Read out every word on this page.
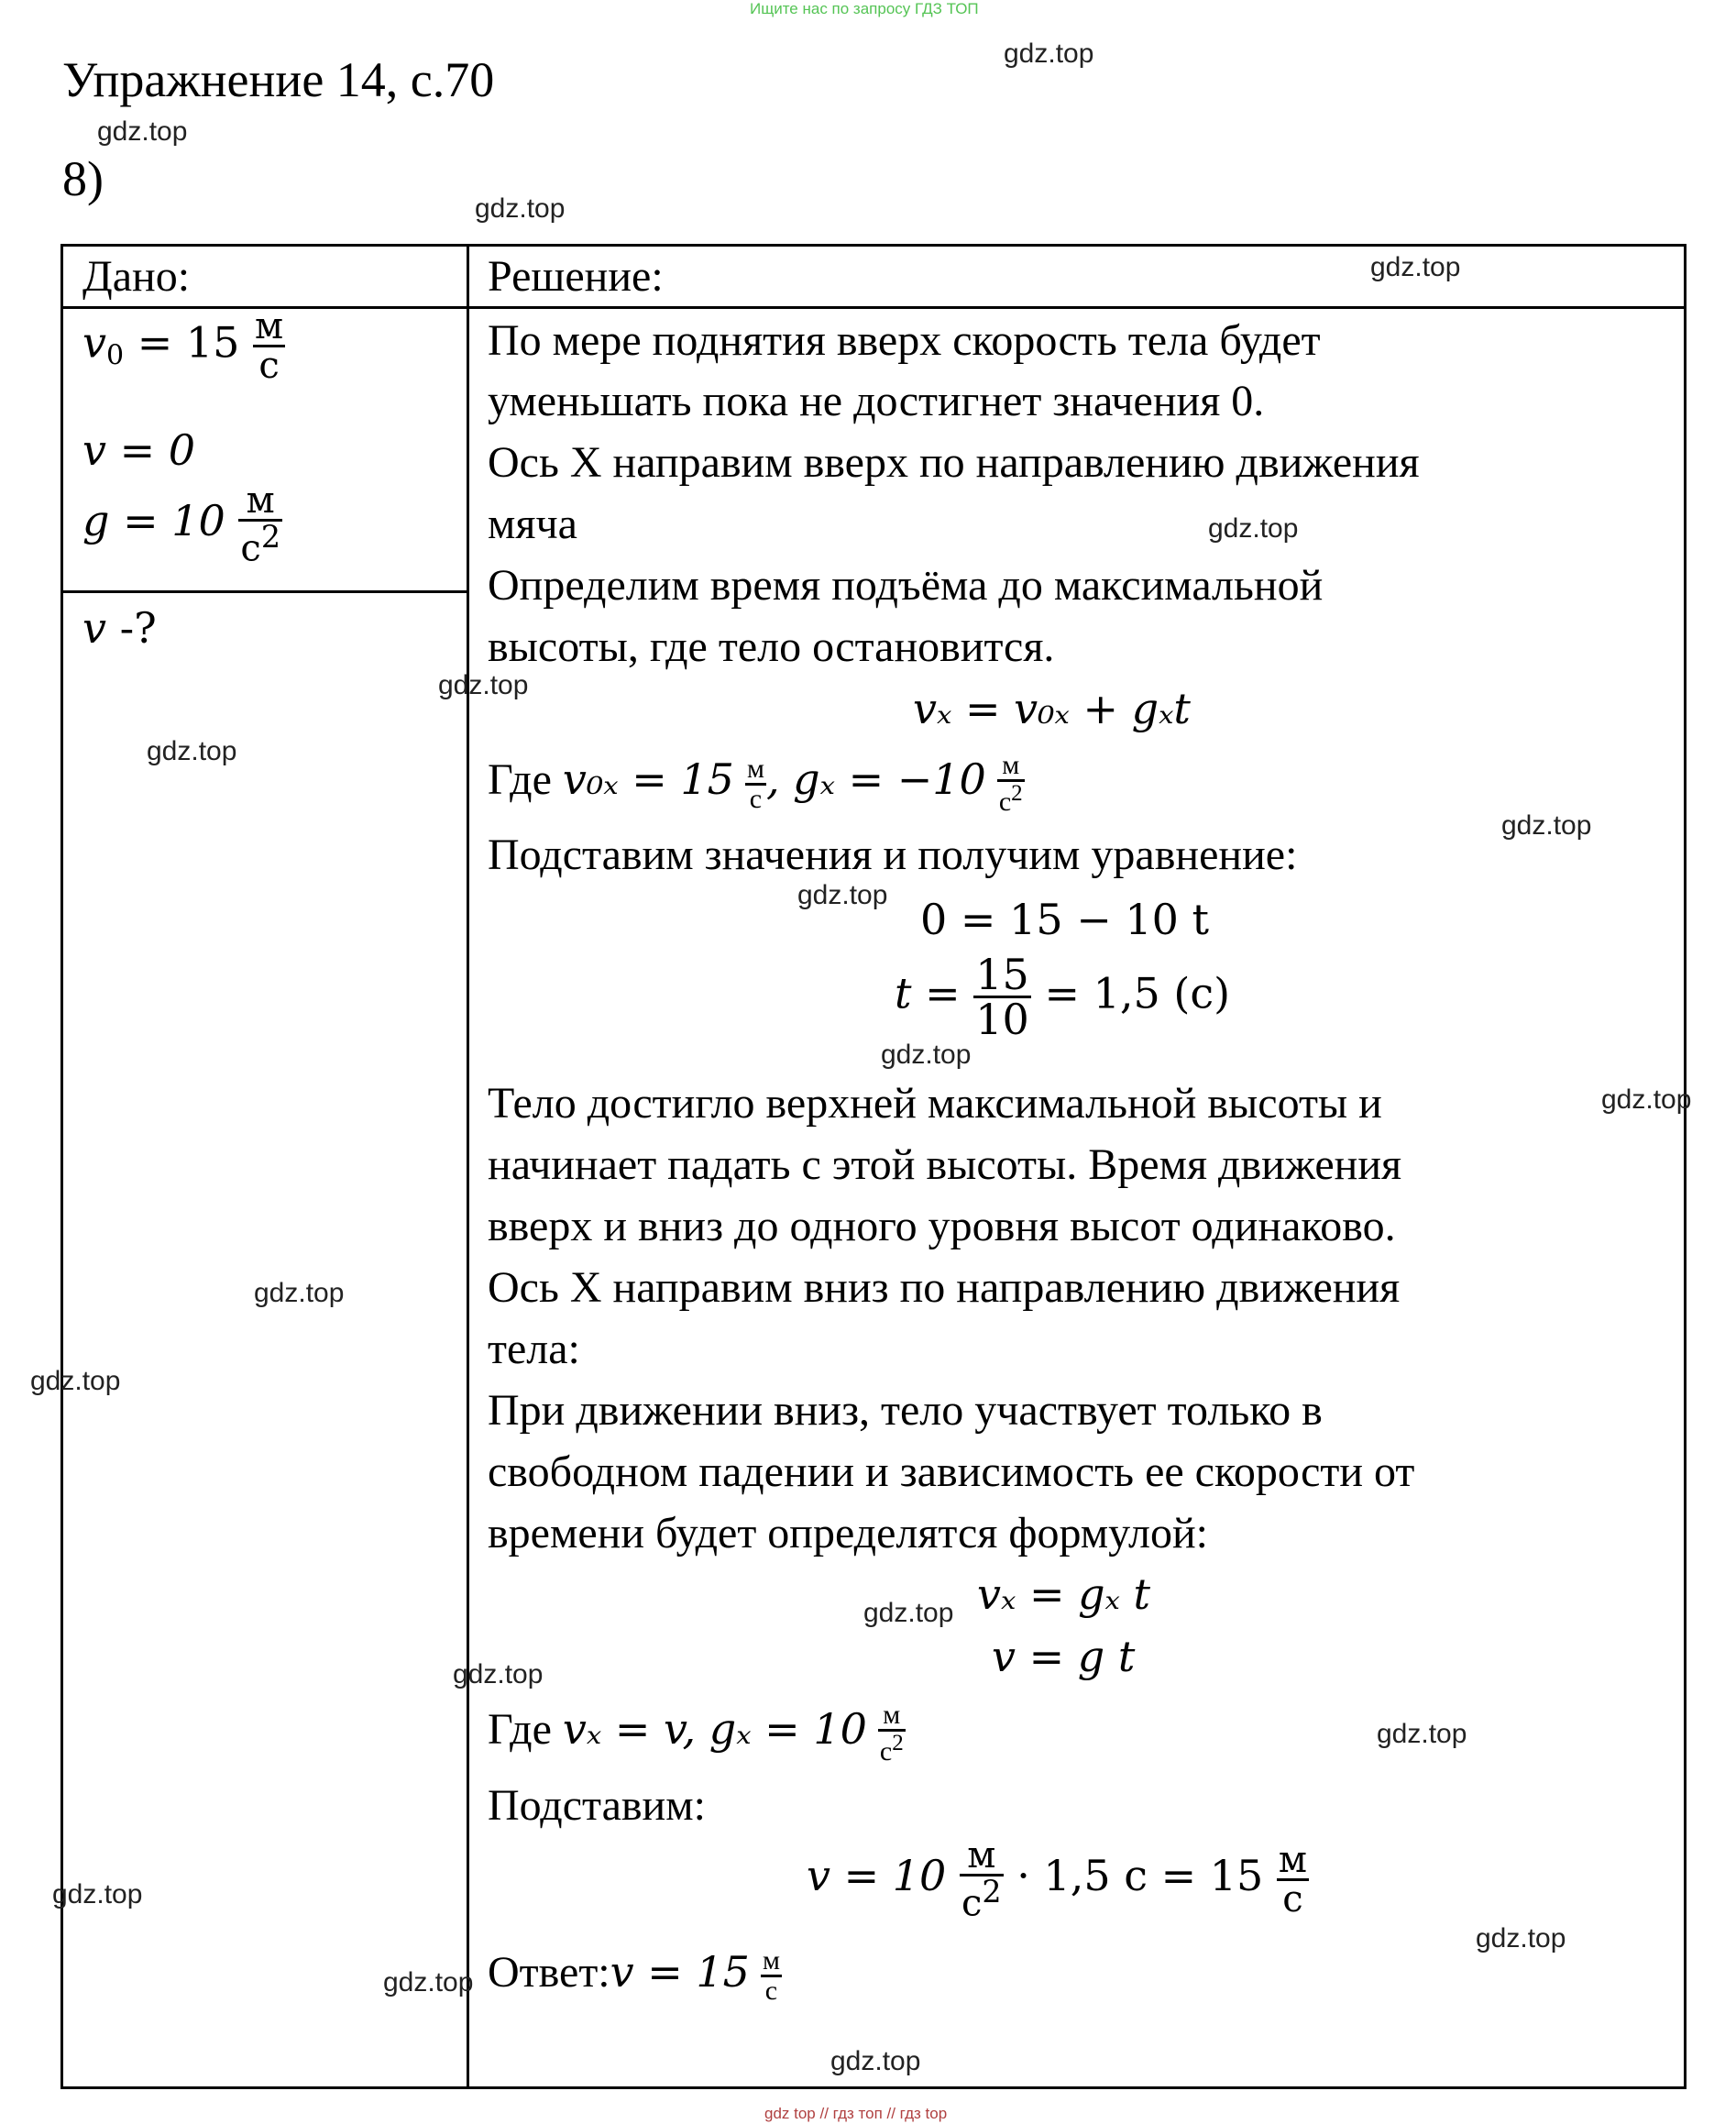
Ищите нас по запросу ГДЗ ТОП
Упражнение 14, с.70
8)
Дано:	Решение:
$v_0 = 15 \frac{м}{с}$
v = 0
$g = 10 \frac{м}{с^2}$
v -?
По мере поднятия вверх скорость тела будет
уменьшать пока не достигнет значения 0.
Ось X направим вверх по направлению движения
мяча
Определим время подъёма до максимальной
высоты, где тело остановится.
vₓ = v₀ₓ + gₓt
Где $v_{0x} = 15 \frac{м}{с}$ , $g_x = -10 \frac{м}{с^2}$
Подставим значения и получим уравнение:
0 = 15 − 10 t
$t = \frac{15}{10} = 1,5$ (с)
Тело достигло верхней максимальной высоты и
начинает падать с этой высоты. Время движения
вверх и вниз до одного уровня высот одинаково.
Ось X направим вниз по направлению движения
тела:
При движении вниз, тело участвует только в
свободном падении и зависимость ее скорости от
времени будет определятся формулой:
vₓ = gₓ t
v = g t
Где vₓ = v, $g_x = 10 \frac{м}{с^2}$
Подставим:
$v = 10 \frac{м}{с^2} \cdot 1,5$ $с = 15 \frac{м}{с}$
Ответ:v = $15 \frac{м}{с}$
gdz.top
gdz.top
gdz.top
gdz.top
gdz.top
gdz.top
gdz.top
gdz.top
gdz.top
gdz.top
gdz.top
gdz.top
gdz.top
gdz.top
gdz.top
gdz.top
gdz.top
gdz.top
gdz.top
gdz.top
gdz top // гдз топ // гдз top
